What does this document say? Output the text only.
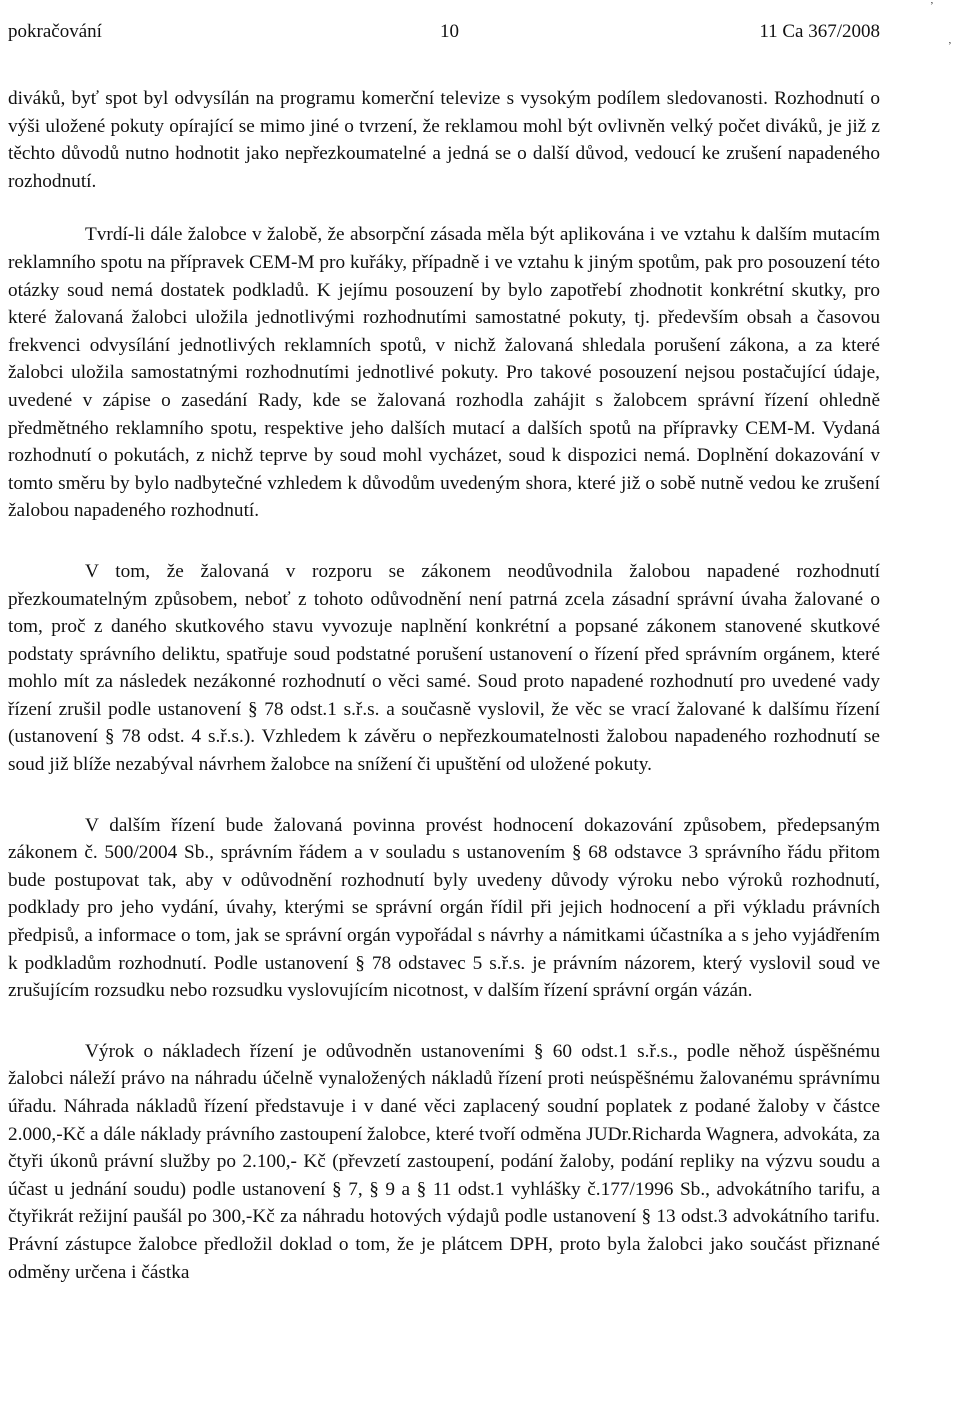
’
’
pokračování	10	11 Ca 367/2008

diváků, byť spot byl odvysílán na programu komerční televize s vysokým podílem sledovanosti. Rozhodnutí o výši uložené pokuty opírající se mimo jiné o tvrzení, že reklamou mohl být ovlivněn velký počet diváků, je již z těchto důvodů nutno hodnotit jako nepřezkoumatelné a jedná se o další důvod, vedoucí ke zrušení napadeného rozhodnutí.

Tvrdí-li dále žalobce v žalobě, že absorpční zásada měla být aplikována i ve vztahu k dalším mutacím reklamního spotu na přípravek CEM-M pro kuřáky, případně i ve vztahu k jiným spotům, pak pro posouzení této otázky soud nemá dostatek podkladů. K jejímu posouzení by bylo zapotřebí zhodnotit konkrétní skutky, pro které žalovaná žalobci uložila jednotlivými rozhodnutími samostatné pokuty, tj. především obsah a časovou frekvenci odvysílání jednotlivých reklamních spotů, v nichž žalovaná shledala porušení zákona, a za které žalobci uložila samostatnými rozhodnutími jednotlivé pokuty. Pro takové posouzení nejsou postačující údaje, uvedené v zápise o zasedání Rady, kde se žalovaná rozhodla zahájit s žalobcem správní řízení ohledně předmětného reklamního spotu, respektive jeho dalších mutací a dalších spotů na přípravky CEM-M. Vydaná rozhodnutí o pokutách, z nichž teprve by soud mohl vycházet, soud k dispozici nemá. Doplnění dokazování v tomto směru by bylo nadbytečné vzhledem k důvodům uvedeným shora, které již o sobě nutně vedou ke zrušení žalobou napadeného rozhodnutí.

V tom, že žalovaná v rozporu se zákonem neodůvodnila žalobou napadené rozhodnutí přezkoumatelným způsobem, neboť z tohoto odůvodnění není patrná zcela zásadní správní úvaha žalované o tom, proč z daného skutkového stavu vyvozuje naplnění konkrétní a popsané zákonem stanovené skutkové podstaty správního deliktu, spatřuje soud podstatné porušení ustanovení o řízení před správním orgánem, které mohlo mít za následek nezákonné rozhodnutí o věci samé. Soud proto napadené rozhodnutí pro uvedené vady řízení zrušil podle ustanovení § 78 odst.1 s.ř.s. a současně vyslovil, že věc se vrací žalované k dalšímu řízení (ustanovení § 78 odst. 4 s.ř.s.). Vzhledem k závěru o nepřezkoumatelnosti žalobou napadeného rozhodnutí se soud již blíže nezabýval návrhem žalobce na snížení či upuštění od uložené pokuty.

V dalším řízení bude žalovaná povinna provést hodnocení dokazování způsobem, předepsaným zákonem č. 500/2004 Sb., správním řádem a v souladu s ustanovením § 68 odstavce 3 správního řádu přitom bude postupovat tak, aby v odůvodnění rozhodnutí byly uvedeny důvody výroku nebo výroků rozhodnutí, podklady pro jeho vydání, úvahy, kterými se správní orgán řídil při jejich hodnocení a při výkladu právních předpisů, a informace o tom, jak se správní orgán vypořádal s návrhy a námitkami účastníka a s jeho vyjádřením k podkladům rozhodnutí. Podle ustanovení § 78 odstavec 5 s.ř.s. je právním názorem, který vyslovil soud ve zrušujícím rozsudku nebo rozsudku vyslovujícím nicotnost, v dalším řízení správní orgán vázán.

Výrok o nákladech řízení je odůvodněn ustanoveními § 60 odst.1 s.ř.s., podle něhož úspěšnému žalobci náleží právo na náhradu účelně vynaložených nákladů řízení proti neúspěšnému žalovanému správnímu úřadu. Náhrada nákladů řízení představuje i v dané věci zaplacený soudní poplatek z podané žaloby v částce 2.000,-Kč a dále náklady právního zastoupení žalobce, které tvoří odměna JUDr.Richarda Wagnera, advokáta, za čtyři úkonů právní služby po 2.100,- Kč (převzetí zastoupení, podání žaloby, podání repliky na výzvu soudu a účast u jednání soudu) podle ustanovení § 7, § 9 a § 11 odst.1 vyhlášky č.177/1996 Sb., advokátního tarifu, a čtyřikrát režijní paušál po 300,-Kč za náhradu hotových výdajů podle ustanovení § 13 odst.3 advokátního tarifu. Právní zástupce žalobce předložil doklad o tom, že je plátcem DPH, proto byla žalobci jako součást přiznané odměny určena i částka
